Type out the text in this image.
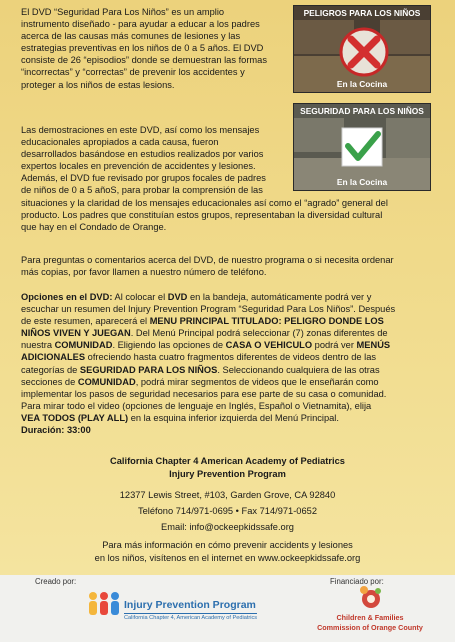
PELIGROS PARA LOS NIÑOS
En la Cocina
SEGURIDAD PARA LOS NIÑOS
En la Cocina
El DVD “Seguridad Para Los Niños” es un amplio
instrumento diseñado - para ayudar a educar a los padres
acerca de las causas más comunes de lesiones y las
estrategias preventivas en los niños de 0 a 5 años. El DVD
consiste de 26 “episodios” donde se demuestran las formas
“incorrectas” y “correctas” de prevenir los accidentes y
proteger a los niños de estas lesions.
Las demostraciones en este DVD, así como los mensajes
educacionales apropiados a cada causa, fueron
desarrollados basándose en estudios realizados por varios
expertos locales en prevención de accidentes y lesiones.
Además, el DVD fue revisado por grupos focales de padres
de niños de 0 a 5 añoS, para probar la comprensión de las
situaciones y la claridad de los mensajes educacionales así como el “agrado” general del
producto. Los padres que constituían estos grupos, representaban la diversidad cultural
que hay en el Condado de Orange.
Para preguntas o comentarios acerca del DVD, de nuestro programa o si necesita ordenar
más copias, por favor llamen a nuestro número de teléfono.
Opciones en el DVD: Al colocar el DVD en la bandeja, automáticamente podrá ver y
escuchar un resumen del Injury Prevention Program “Seguridad Para Los Niños”. Después
de este resumen, aparecerá el MENU PRINCIPAL TITULADO: PELIGRO DONDE LOS
NIÑOS VIVEN Y JUEGAN. Del Menú Principal podrá seleccionar (7) zonas diferentes de
nuestra COMUNIDAD. Eligiendo las opciones de CASA O VEHICULO podrá ver MENÚS
ADICIONALES ofreciendo hasta cuatro fragmentos diferentes de videos dentro de las
categorías de SEGURIDAD PARA LOS NIÑOS. Seleccionando cualquiera de las otras
secciones de COMUNIDAD, podrá mirar segmentos de videos que le enseñarán como
implementar los pasos de seguridad necesarios para ese parte de su casa o comunidad.
Para mirar todo el video (opciones de lenguaje en Inglés, Español o Vietnamita), elija
VEA TODOS (PLAY ALL) en la esquina inferior izquierda del Menú Principal.
Duración: 33:00
California Chapter 4 American Academy of Pediatrics
Injury Prevention Program
12377 Lewis Street, #103, Garden Grove, CA 92840
Teléfono 714/971-0695 • Fax 714/971-0652
Email: info@ockeepkidssafe.org
Para más información en cómo prevenir accidents y lesiones
en los niños, visítenos en el internet en www.ockeepkidssafe.org
Creado por:
Injury Prevention Program
California Chapter 4, American Academy of Pediatrics
Financiado por:
Children & Families
Commission of Orange County
